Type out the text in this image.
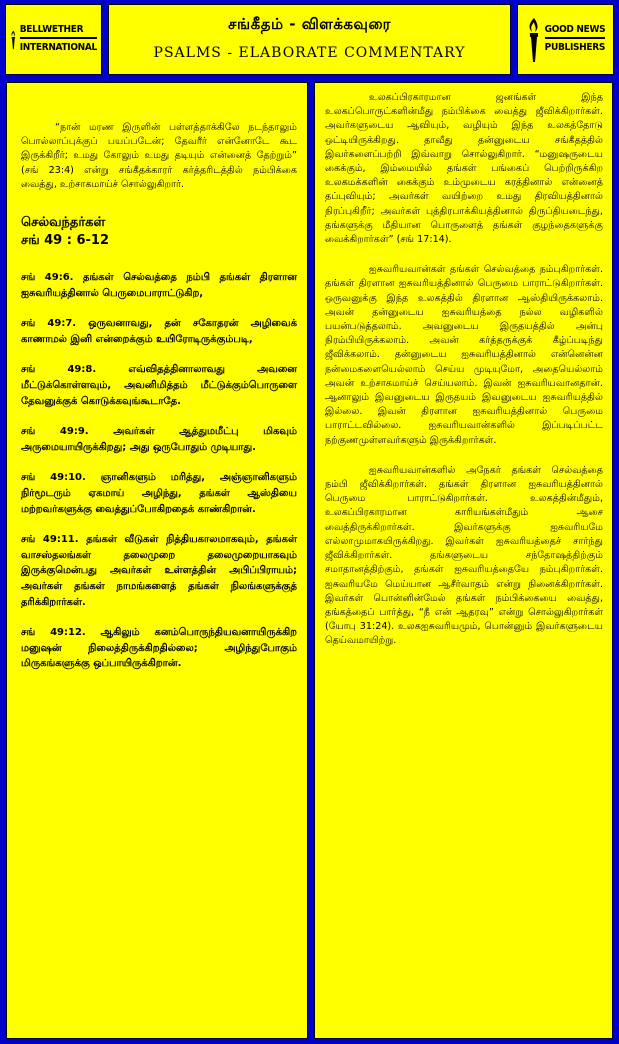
BELLWETHER
INTERNATIONAL
சங்கீதம் - விளக்கவுரை
PSALMS - ELABORATE COMMENTARY
GOOD NEWS
PUBLISHERS
“நான் மரண இருளின் பள்ளத்தாக்கிலே நடந்தாலும் பொல்லாப்புக்குப் பயப்படேன்; தேவரீர் என்னோடே கூட இருக்கிறீர்; உமது கோலும் உமது தடியும் என்னைத் தேற்றும்” (சங் 23:4) என்று சங்கீதக்காரர் கர்த்தரிடத்தில் நம்பிக்கை வைத்து, உற்சாகமாய்ச் சொல்லுகிறார்.
செல்வந்தர்கள்
சங் 49 : 6-12
சங் 49:6. தங்கள் செல்வத்தை நம்பி தங்கள் திரளான ஐசுவரியத்தினால் பெருமைபாராட்டுகிற,
சங் 49:7. ஒருவனாவது, தன் சகோதரன் அழிவைக் காணாமல் இனி என்றைக்கும் உயிரோடிருக்கும்படி,
சங் 49:8. எவ்விதத்தினாலாவது அவனை மீட்டுக்கொள்ளவும், அவனிமித்தம் மீட்டுக்கும்பொருளை தேவனுக்குக் கொடுக்கவுங்கூடாதே.
சங் 49:9. அவர்கள் ஆத்துமமீட்பு மிகவும் அருமையாயிருக்கிறது; அது ஒருபோதும் முடியாது.
சங் 49:10. ஞானிகளும் மரித்து, அஞ்ஞானிகளும் நிர்மூடரும் ஏகமாய் அழிந்து, தங்கள் ஆஸ்தியை மற்றவர்களுக்கு வைத்துப்போகிறதைக் காண்கிறான்.
சங் 49:11. தங்கள் வீடுகள் நித்தியகாலமாகவும், தங்கள் வாசஸ்தலங்கள் தலைமுறை தலைமுறையாகவும் இருக்குமென்பது அவர்கள் உள்ளத்தின் அபிப்பிராயம்; அவர்கள் தங்கள் நாமங்களைத் தங்கள் நிலங்களுக்குத் தரிக்கிறார்கள்.
சங் 49:12. ஆகிலும் கனம்பொருந்தியவனாயிருக்கிற மனுஷன் நிலைத்திருக்கிறதில்லை; அழிந்துபோகும் மிருகங்களுக்கு ஒப்பாயிருக்கிறான்.
உலகப்பிரகாரமான ஜனங்கள் இந்த உலகப்பொருட்களின்மீது நம்பிக்கை வைத்து ஜீவிக்கிறார்கள். அவர்களுடைய ஆவியும், வழியும் இந்த உலகத்தோடு ஒட்டியிருக்கிறது. தாவீது தன்னுடைய சங்கீதத்தில் இவர்களைப்பற்றி இவ்வாறு சொல்லுகிறார். “மனுஷருடைய கைக்கும், இம்மையில் தங்கள் பங்கைப் பெற்றிருக்கிற உலகமக்களின் கைக்கும் உம்முடைய கரத்தினால் என்னைத் தப்புவியும்; அவர்கள் வயிற்றை உமது திரவியத்தினால் நிரப்புகிறீர்; அவர்கள் புத்திரபாக்கியத்தினால் திருப்தியடைந்து, தங்களுக்கு மீதியான பொருளைத் தங்கள் குழந்தைகளுக்கு வைக்கிறார்கள்” (சங் 17:14).
ஐசுவரியவான்கள் தங்கள் செல்வத்தை நம்புகிறார்கள். தங்கள் திரளான ஐசுவரியத்தினால் பெருமை பாராட்டுகிறார்கள். ஒருவனுக்கு இந்த உலகத்தில் திரளான ஆஸ்தியிருக்கலாம். அவன் தன்னுடைய ஐசுவரியத்தை நல்ல வழிகளில் பயன்படுத்தலாம். அவனுடைய இருதயத்தில் அன்பு நிரம்பியிருக்கலாம். அவன் கர்த்தருக்குக் கீழ்ப்படிந்து ஜீவிக்கலாம். தன்னுடைய ஐசுவரியத்தினால் என்னென்ன நன்மைகளையெல்லாம் செய்ய முடியுமோ, அதையெல்லாம் அவன் உற்சாகமாய்ச் செய்யலாம். இவன் ஐசுவரியவானதான். ஆனாலும் இவனுடைய இருதயம் இவனுடைய ஐசுவரியத்தில் இல்லை. இவன் திரளான ஐசுவரியத்தினால் பெருமை பாராட்டவில்லை. ஐசுவரியவான்களில் இப்படிப்பட்ட நற்குணமுள்ளவர்களும் இருக்கிறார்கள்.
ஐசுவரியவான்களில் அநேகர் தங்கள் செல்வத்தை நம்பி ஜீவிக்கிறார்கள். தங்கள் திரளான ஐசுவரியத்தினால் பெருமை பாராட்டுகிறார்கள். உலகத்தின்மீதும், உலகப்பிரகாரமான காரியங்கள்மீதும் ஆசை வைத்திருக்கிறார்கள். இவர்களுக்கு ஐசுவரியமே எல்லாமுமாகயிருக்கிறது. இவர்கள் ஐசுவரியத்தைச் சார்ந்து ஜீவிக்கிறார்கள். தங்களுடைய சந்தோஷத்திற்கும் சமாதானத்திற்கும், தங்கள் ஐசுவரியத்தையே நம்புகிறார்கள். ஐசுவரியமே மெய்யான ஆசீர்வாதம் என்று நினைக்கிறார்கள். இவர்கள் பொன்னின்மேல் தங்கள் நம்பிக்கையை வைத்து, தங்கத்தைப் பார்த்து, “நீ என் ஆதரவு” என்று சொல்லுகிறார்கள் (யோபு 31:24). உலகஐசுவரியமும், பொன்னும் இவர்களுடைய தெய்வமாயிற்று.
